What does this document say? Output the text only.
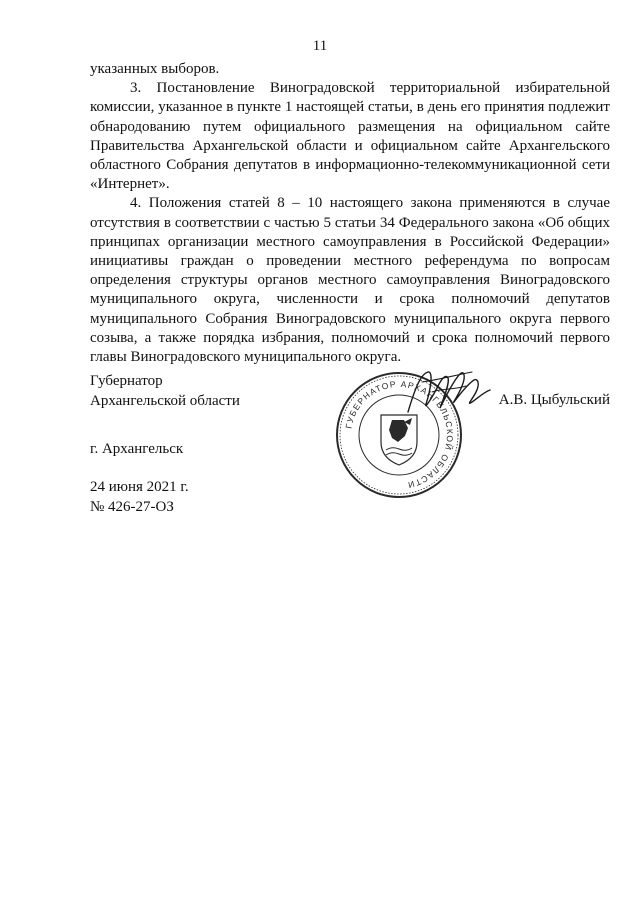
11

указанных выборов.

3. Постановление Виноградовской территориальной избирательной комиссии, указанное в пункте 1 настоящей статьи, в день его принятия подлежит обнародованию путем официального размещения на официальном сайте Правительства Архангельской области и официальном сайте Архангельского областного Собрания депутатов в информационно-телекоммуникационной сети «Интернет».

4. Положения статей 8 – 10 настоящего закона применяются в случае отсутствия в соответствии с частью 5 статьи 34 Федерального закона «Об общих принципах организации местного самоуправления в Российской Федерации» инициативы граждан о проведении местного референдума по вопросам определения структуры органов местного самоуправления Виноградовского муниципального округа, численности и срока полномочий депутатов муниципального Собрания Виноградовского муниципального округа первого созыва, а также порядка избрания, полномочий и срока полномочий первого главы Виноградовского муниципального округа.

Губернатор
Архангельской области	А.В. Цыбульский
ГУБЕРНАТОР АРХАНГЕЛЬСКОЙ ОБЛАСТИ
г. Архангельск
24 июня 2021 г.
№ 426-27-ОЗ
